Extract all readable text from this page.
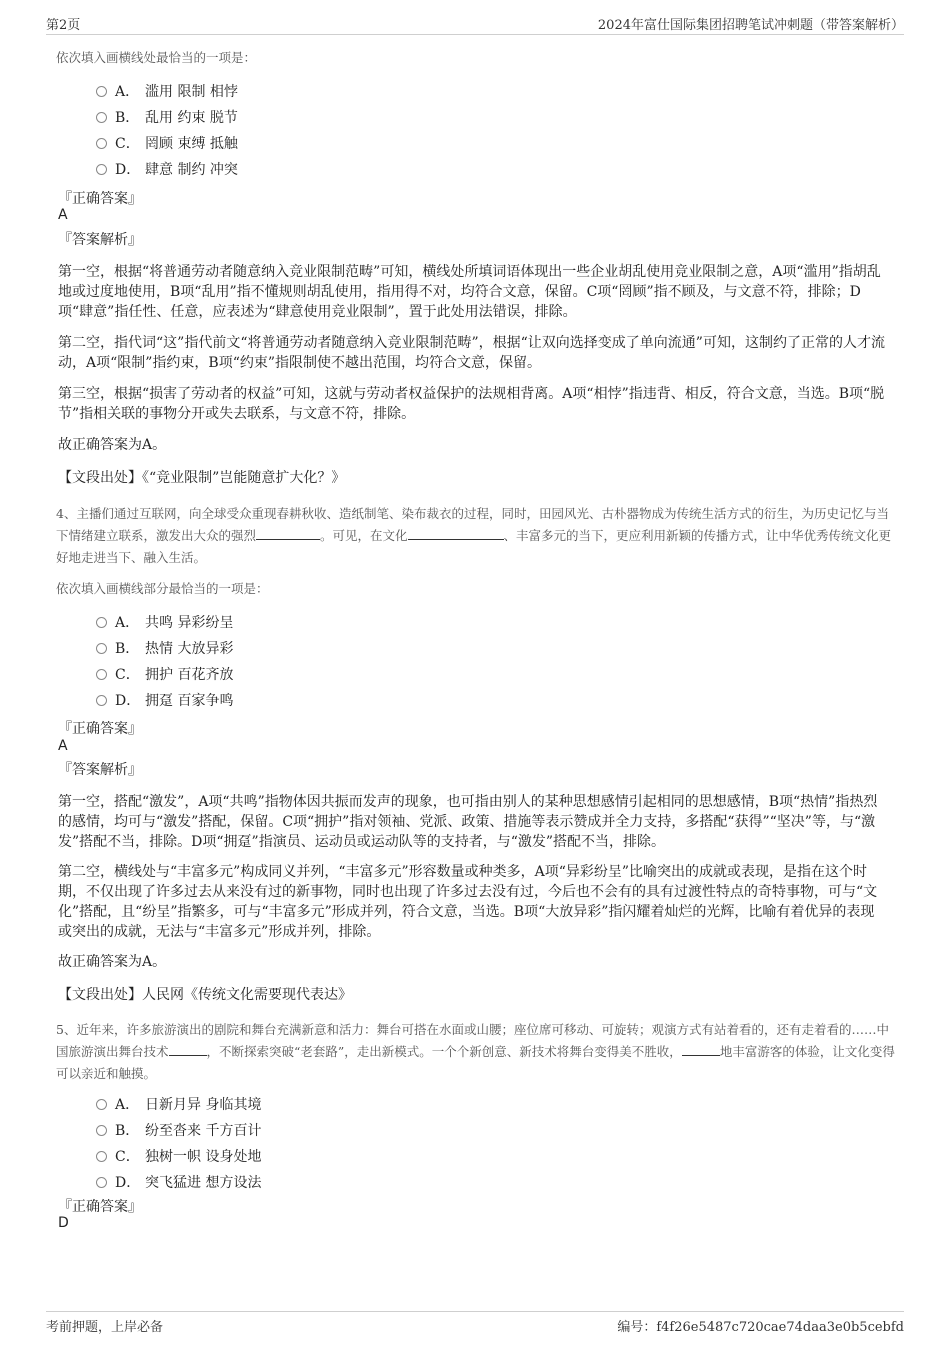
第2页	2024年富仕国际集团招聘笔试冲刺题（带答案解析）
依次填入画横线处最恰当的一项是：
A． 滥用 限制 相悖
B． 乱用 约束 脱节
C． 罔顾 束缚 抵触
D． 肆意 制约 冲突
『正确答案』
A
『答案解析』
第一空，根据“将普通劳动者随意纳入竞业限制范畴”可知，横线处所填词语体现出一些企业胡乱使用竞业限制之意，A项“滥用”指胡乱地或过度地使用，B项“乱用”指不懂规则胡乱使用，指用得不对，均符合文意，保留。C项“罔顾”指不顾及，与文意不符，排除；D项“肆意”指任性、任意，应表述为“肆意使用竞业限制”，置于此处用法错误，排除。
第二空，指代词“这”指代前文“将普通劳动者随意纳入竞业限制范畴”，根据“让双向选择变成了单向流通”可知，这制约了正常的人才流动，A项“限制”指约束，B项“约束”指限制使不越出范围，均符合文意，保留。
第三空，根据“损害了劳动者的权益”可知，这就与劳动者权益保护的法规相背离。A项“相悖”指违背、相反，符合文意，当选。B项“脱节”指相关联的事物分开或失去联系，与文意不符，排除。
故正确答案为A。
【文段出处】《“竞业限制”岂能随意扩大化？》
4、主播们通过互联网，向全球受众重现春耕秋收、造纸制笔、染布裁衣的过程，同时，田园风光、古朴器物成为传统生活方式的衍生，为历史记忆与当下情绪建立联系，激发出大众的强烈	。可见，在文化	、丰富多元的当下，更应利用新颖的传播方式，让中华优秀传统文化更好地走进当下、融入生活。
依次填入画横线部分最恰当的一项是：
A． 共鸣 异彩纷呈
B． 热情 大放异彩
C． 拥护 百花齐放
D． 拥趸 百家争鸣
『正确答案』
A
『答案解析』
第一空，搭配“激发”，A项“共鸣”指物体因共振而发声的现象，也可指由别人的某种思想感情引起相同的思想感情，B项“热情”指热烈的感情，均可与“激发”搭配，保留。C项“拥护”指对领袖、党派、政策、措施等表示赞成并全力支持，多搭配“获得”“坚决”等，与“激发”搭配不当，排除。D项“拥趸”指演员、运动员或运动队等的支持者，与“激发”搭配不当，排除。
第二空，横线处与“丰富多元”构成同义并列，“丰富多元”形容数量或种类多，A项“异彩纷呈”比喻突出的成就或表现，是指在这个时期，不仅出现了许多过去从来没有过的新事物，同时也出现了许多过去没有过，今后也不会有的具有过渡性特点的奇特事物，可与“文化”搭配，且“纷呈”指繁多，可与“丰富多元”形成并列，符合文意，当选。B项“大放异彩”指闪耀着灿烂的光辉，比喻有着优异的表现或突出的成就，无法与“丰富多元”形成并列，排除。
故正确答案为A。
【文段出处】人民网《传统文化需要现代表达》
5、近年来，许多旅游演出的剧院和舞台充满新意和活力：舞台可搭在水面或山腰；座位席可移动、可旋转；观演方式有站着看的，还有走着看的……中国旅游演出舞台技术	，不断探索突破“老套路”，走出新模式。一个个新创意、新技术将舞台变得美不胜收，	地丰富游客的体验，让文化变得可以亲近和触摸。
A． 日新月异 身临其境
B． 纷至沓来 千方百计
C． 独树一帜 设身处地
D． 突飞猛进 想方设法
『正确答案』
D
考前押题，上岸必备	编号：f4f26e5487c720cae74daa3e0b5cebfd
